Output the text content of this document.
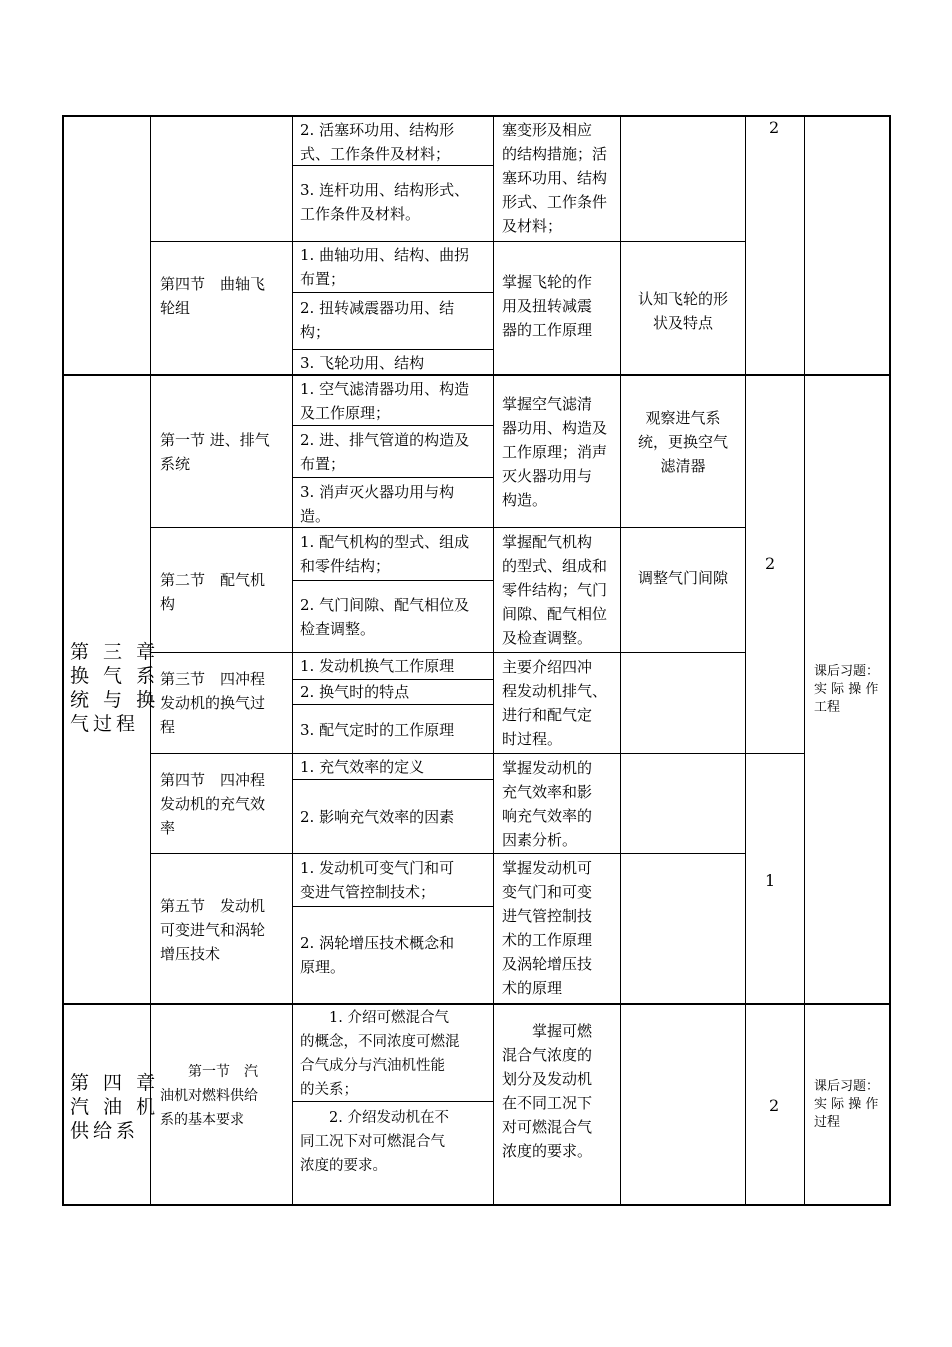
2. 活塞环功用、结构形
式、工作条件及材料；
3. 连杆功用、结构形式、
工作条件及材料。
塞变形及相应
的结构措施；活
塞环功用、结构
形式、工作条件
及材料；
2
第四节　曲轴飞
轮组
1. 曲轴功用、结构、曲拐
布置；
2. 扭转减震器功用、结
构；
3. 飞轮功用、结构
掌握飞轮的作
用及扭转减震
器的工作原理
认知飞轮的形
状及特点
第 三 章
换 气 系
统 与 换
气过程
课后习题：
实 际 操 作
工程
2
1
第一节 进、排气
系统
1. 空气滤清器功用、构造
及工作原理；
2. 进、排气管道的构造及
布置；
3. 消声灭火器功用与构
造。
掌握空气滤清
器功用、构造及
工作原理；消声
灭火器功用与
构造。
观察进气系
统，更换空气
滤清器
第二节　配气机
构
1. 配气机构的型式、组成
和零件结构；
2. 气门间隙、配气相位及
检查调整。
掌握配气机构
的型式、组成和
零件结构；气门
间隙、配气相位
及检查调整。
调整气门间隙
第三节　四冲程
发动机的换气过
程
1. 发动机换气工作原理
2. 换气时的特点
3. 配气定时的工作原理
主要介绍四冲
程发动机排气、
进行和配气定
时过程。
第四节　四冲程
发动机的充气效
率
1. 充气效率的定义
2. 影响充气效率的因素
掌握发动机的
充气效率和影
响充气效率的
因素分析。
第五节　发动机
可变进气和涡轮
增压技术
1. 发动机可变气门和可
变进气管控制技术；
2. 涡轮增压技术概念和
原理。
掌握发动机可
变气门和可变
进气管控制技
术的工作原理
及涡轮增压技
术的原理
第 四 章
汽 油 机
供给系
　　第一节　汽
油机对燃料供给
系的基本要求
　　1. 介绍可燃混合气
的概念，不同浓度可燃混
合气成分与汽油机性能
的关系；
　　2. 介绍发动机在不
同工况下对可燃混合气
浓度的要求。
　　掌握可燃
混合气浓度的
划分及发动机
在不同工况下
对可燃混合气
浓度的要求。
2
课后习题：
实 际 操 作
过程
